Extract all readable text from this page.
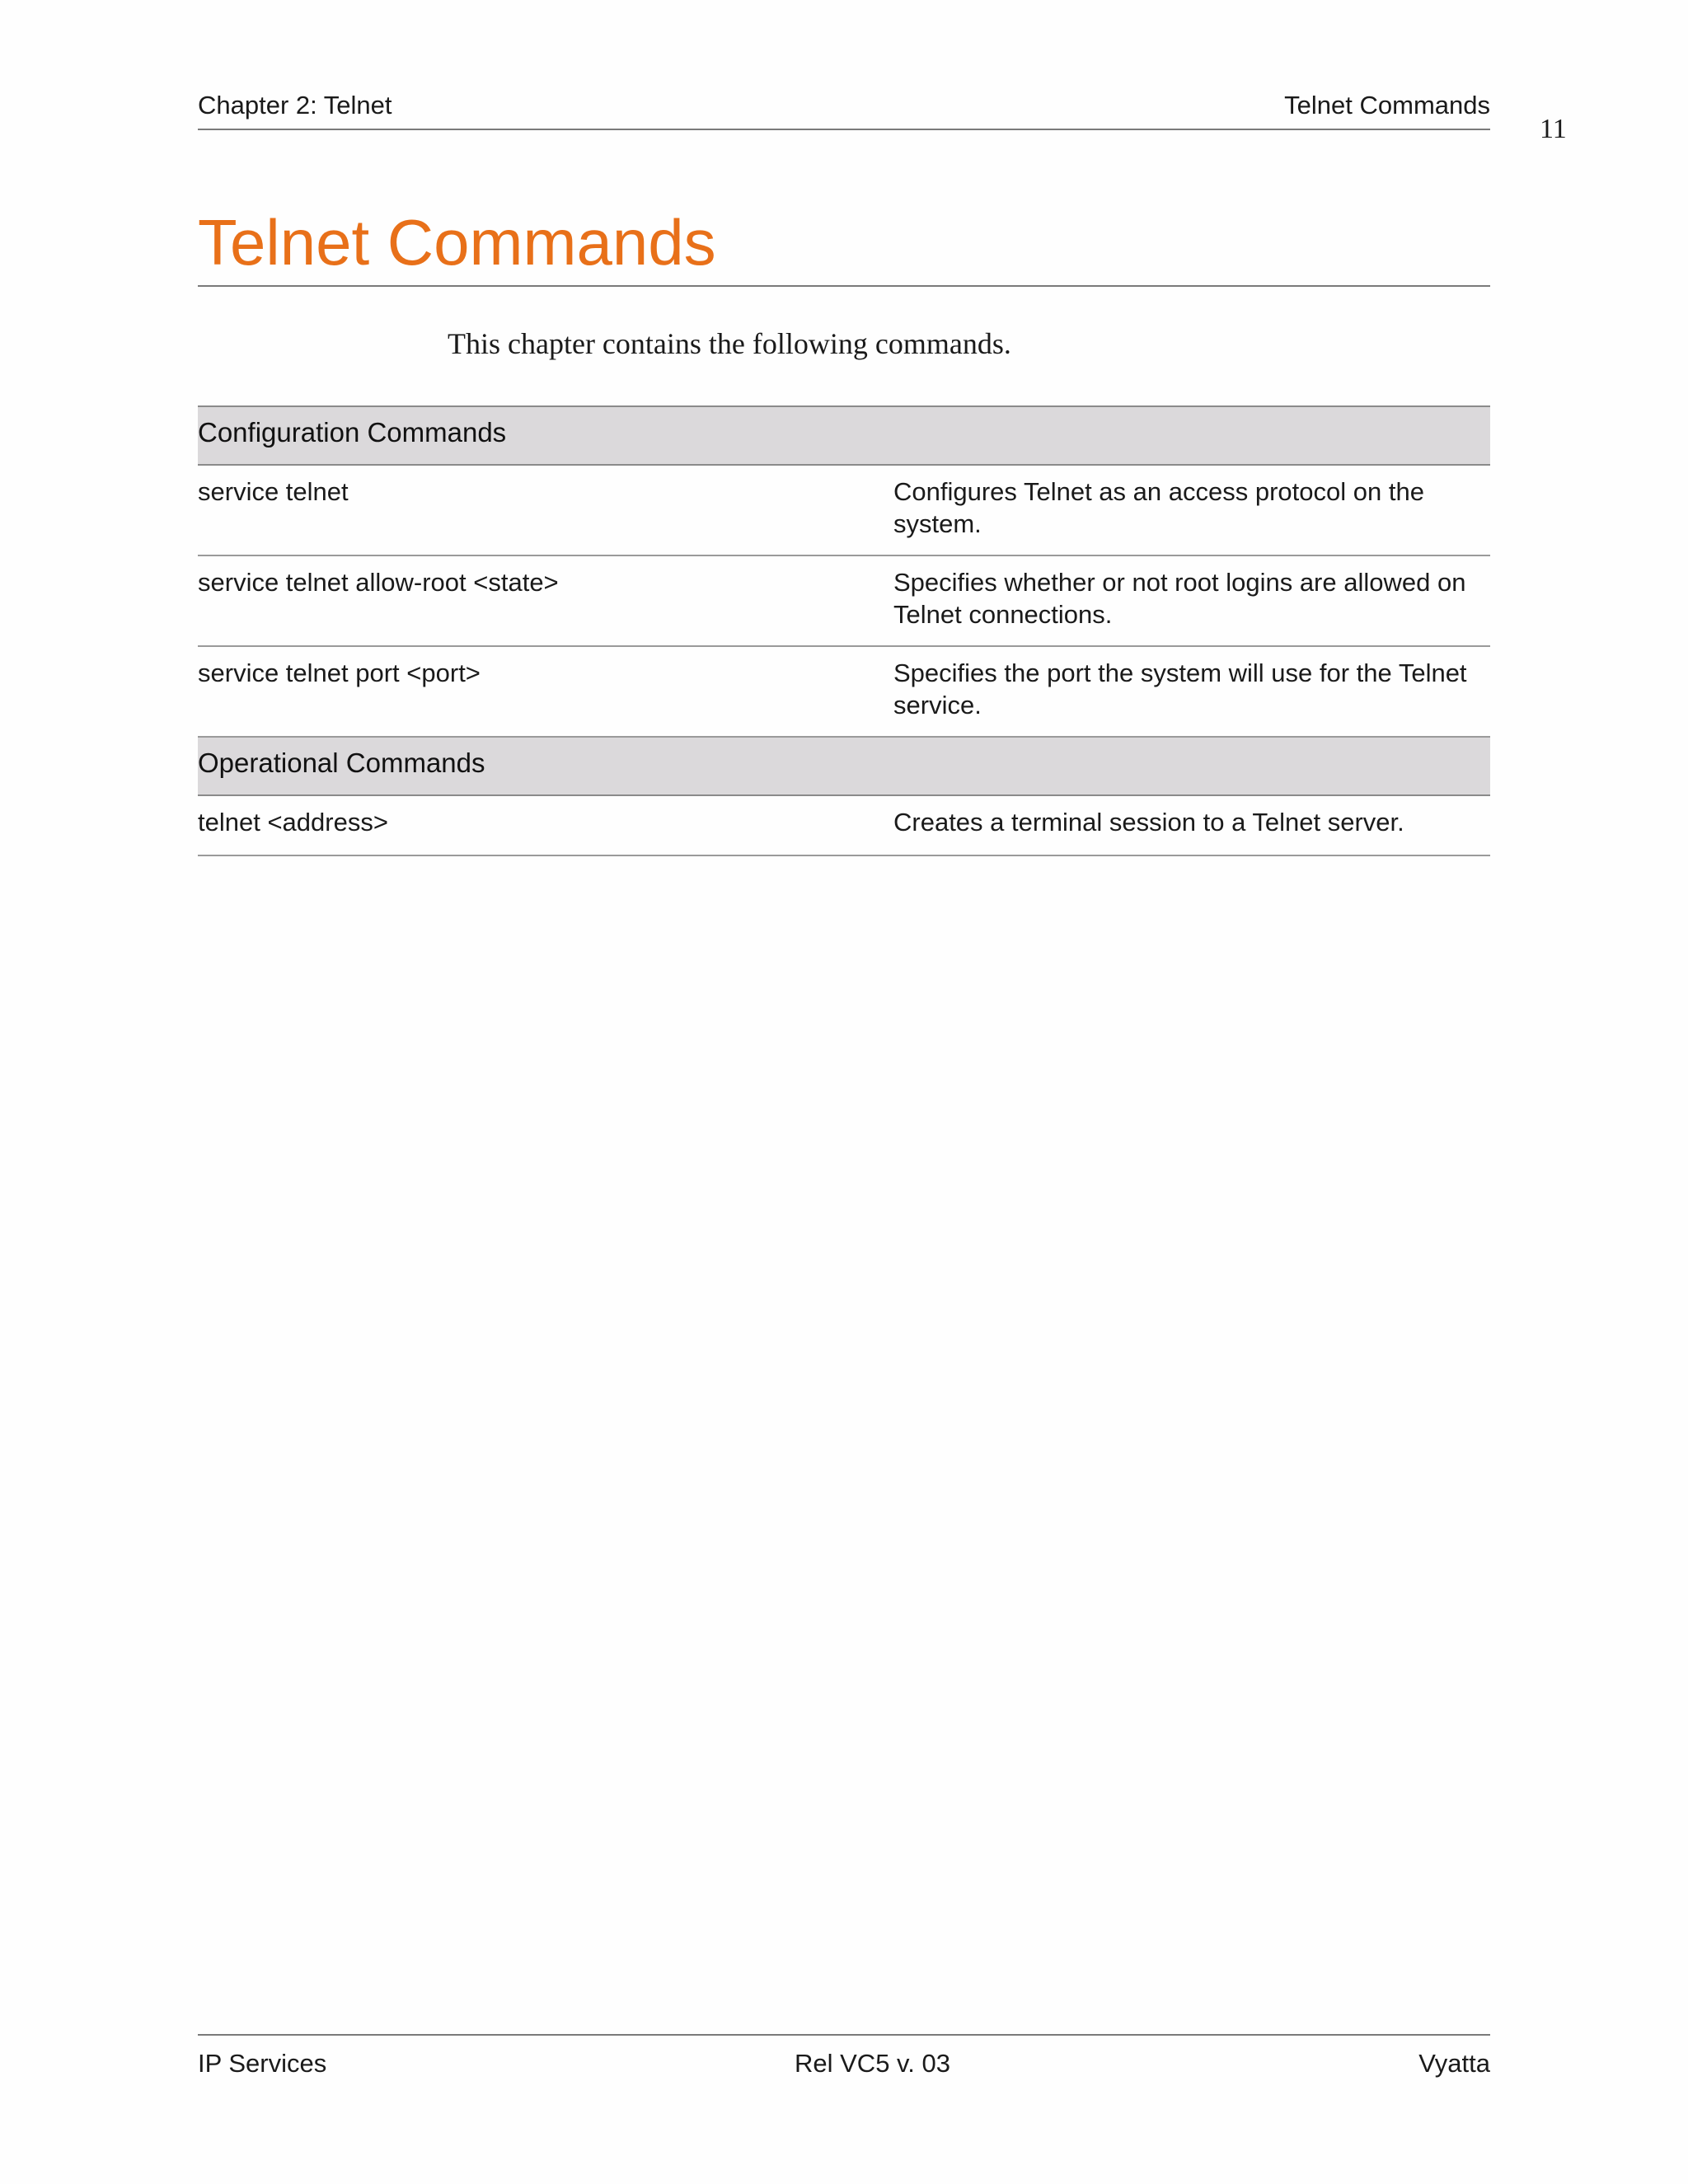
Chapter 2: Telnet	Telnet Commands
11
Telnet Commands
This chapter contains the following commands.
Configuration Commands
service telnet	Configures Telnet as an access protocol on the system.
service telnet allow-root <state>	Specifies whether or not root logins are allowed on Telnet connections.
service telnet port <port>	Specifies the port the system will use for the Telnet service.
Operational Commands
telnet <address>	Creates a terminal session to a Telnet server.
IP Services	Rel VC5 v. 03	Vyatta
